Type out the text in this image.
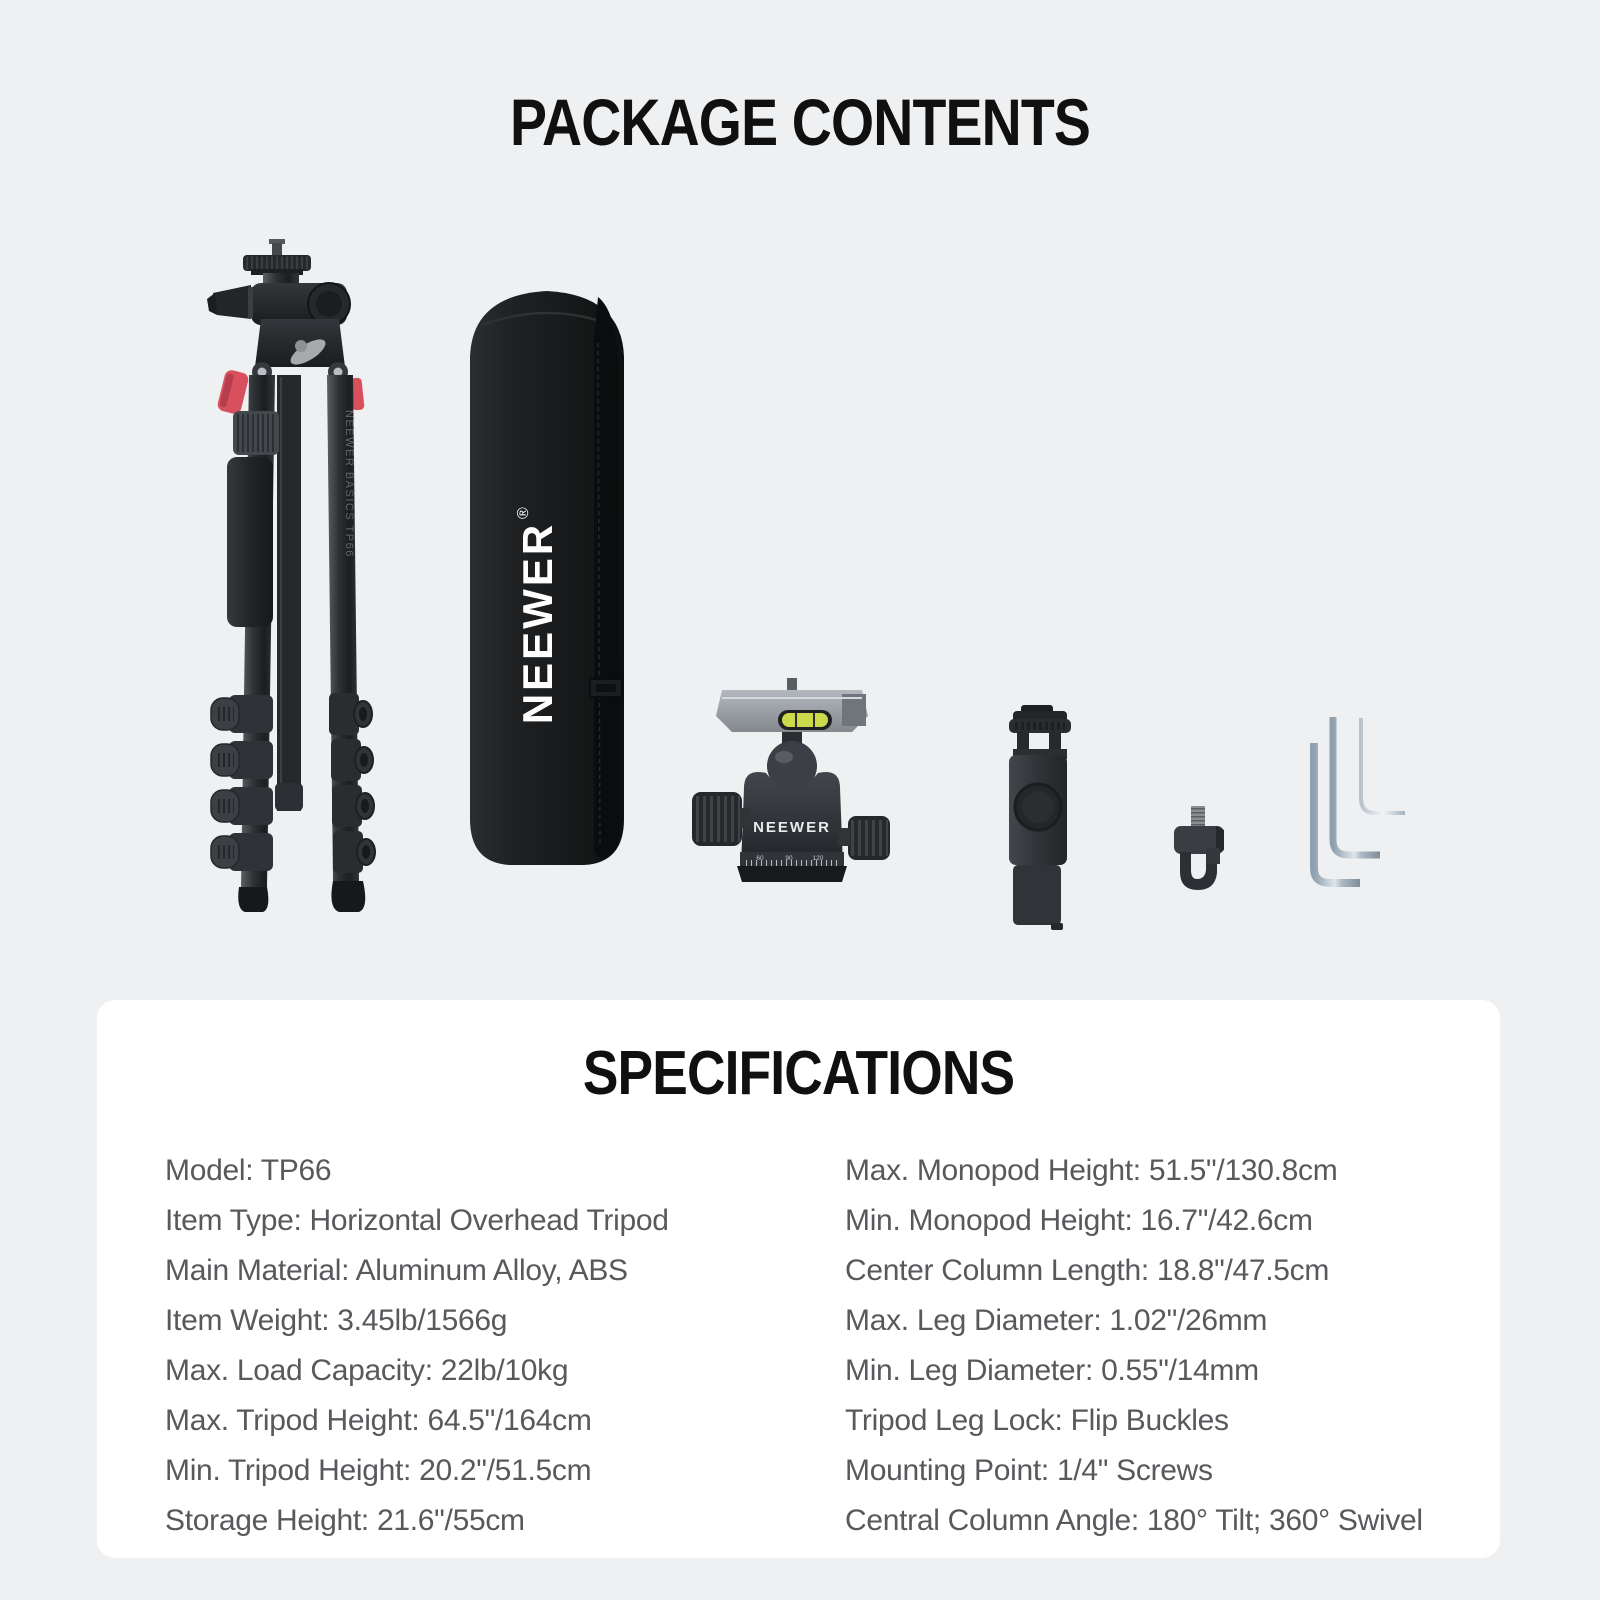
PACKAGE CONTENTS
NEEWER BASICS TP66
NEEWER
®
NEEWER
60	90	120
SPECIFICATIONS
Model: TP66
Item Type: Horizontal Overhead Tripod
Main Material: Aluminum Alloy, ABS
Item Weight: 3.45lb/1566g
Max. Load Capacity: 22lb/10kg
Max. Tripod Height: 64.5"/164cm
Min. Tripod Height: 20.2"/51.5cm
Storage Height: 21.6"/55cm
Max. Monopod Height: 51.5"/130.8cm
Min. Monopod Height: 16.7"/42.6cm
Center Column Length: 18.8"/47.5cm
Max. Leg Diameter: 1.02"/26mm
Min. Leg Diameter: 0.55"/14mm
Tripod Leg Lock: Flip Buckles
Mounting Point: 1/4" Screws
Central Column Angle: 180° Tilt; 360° Swivel
